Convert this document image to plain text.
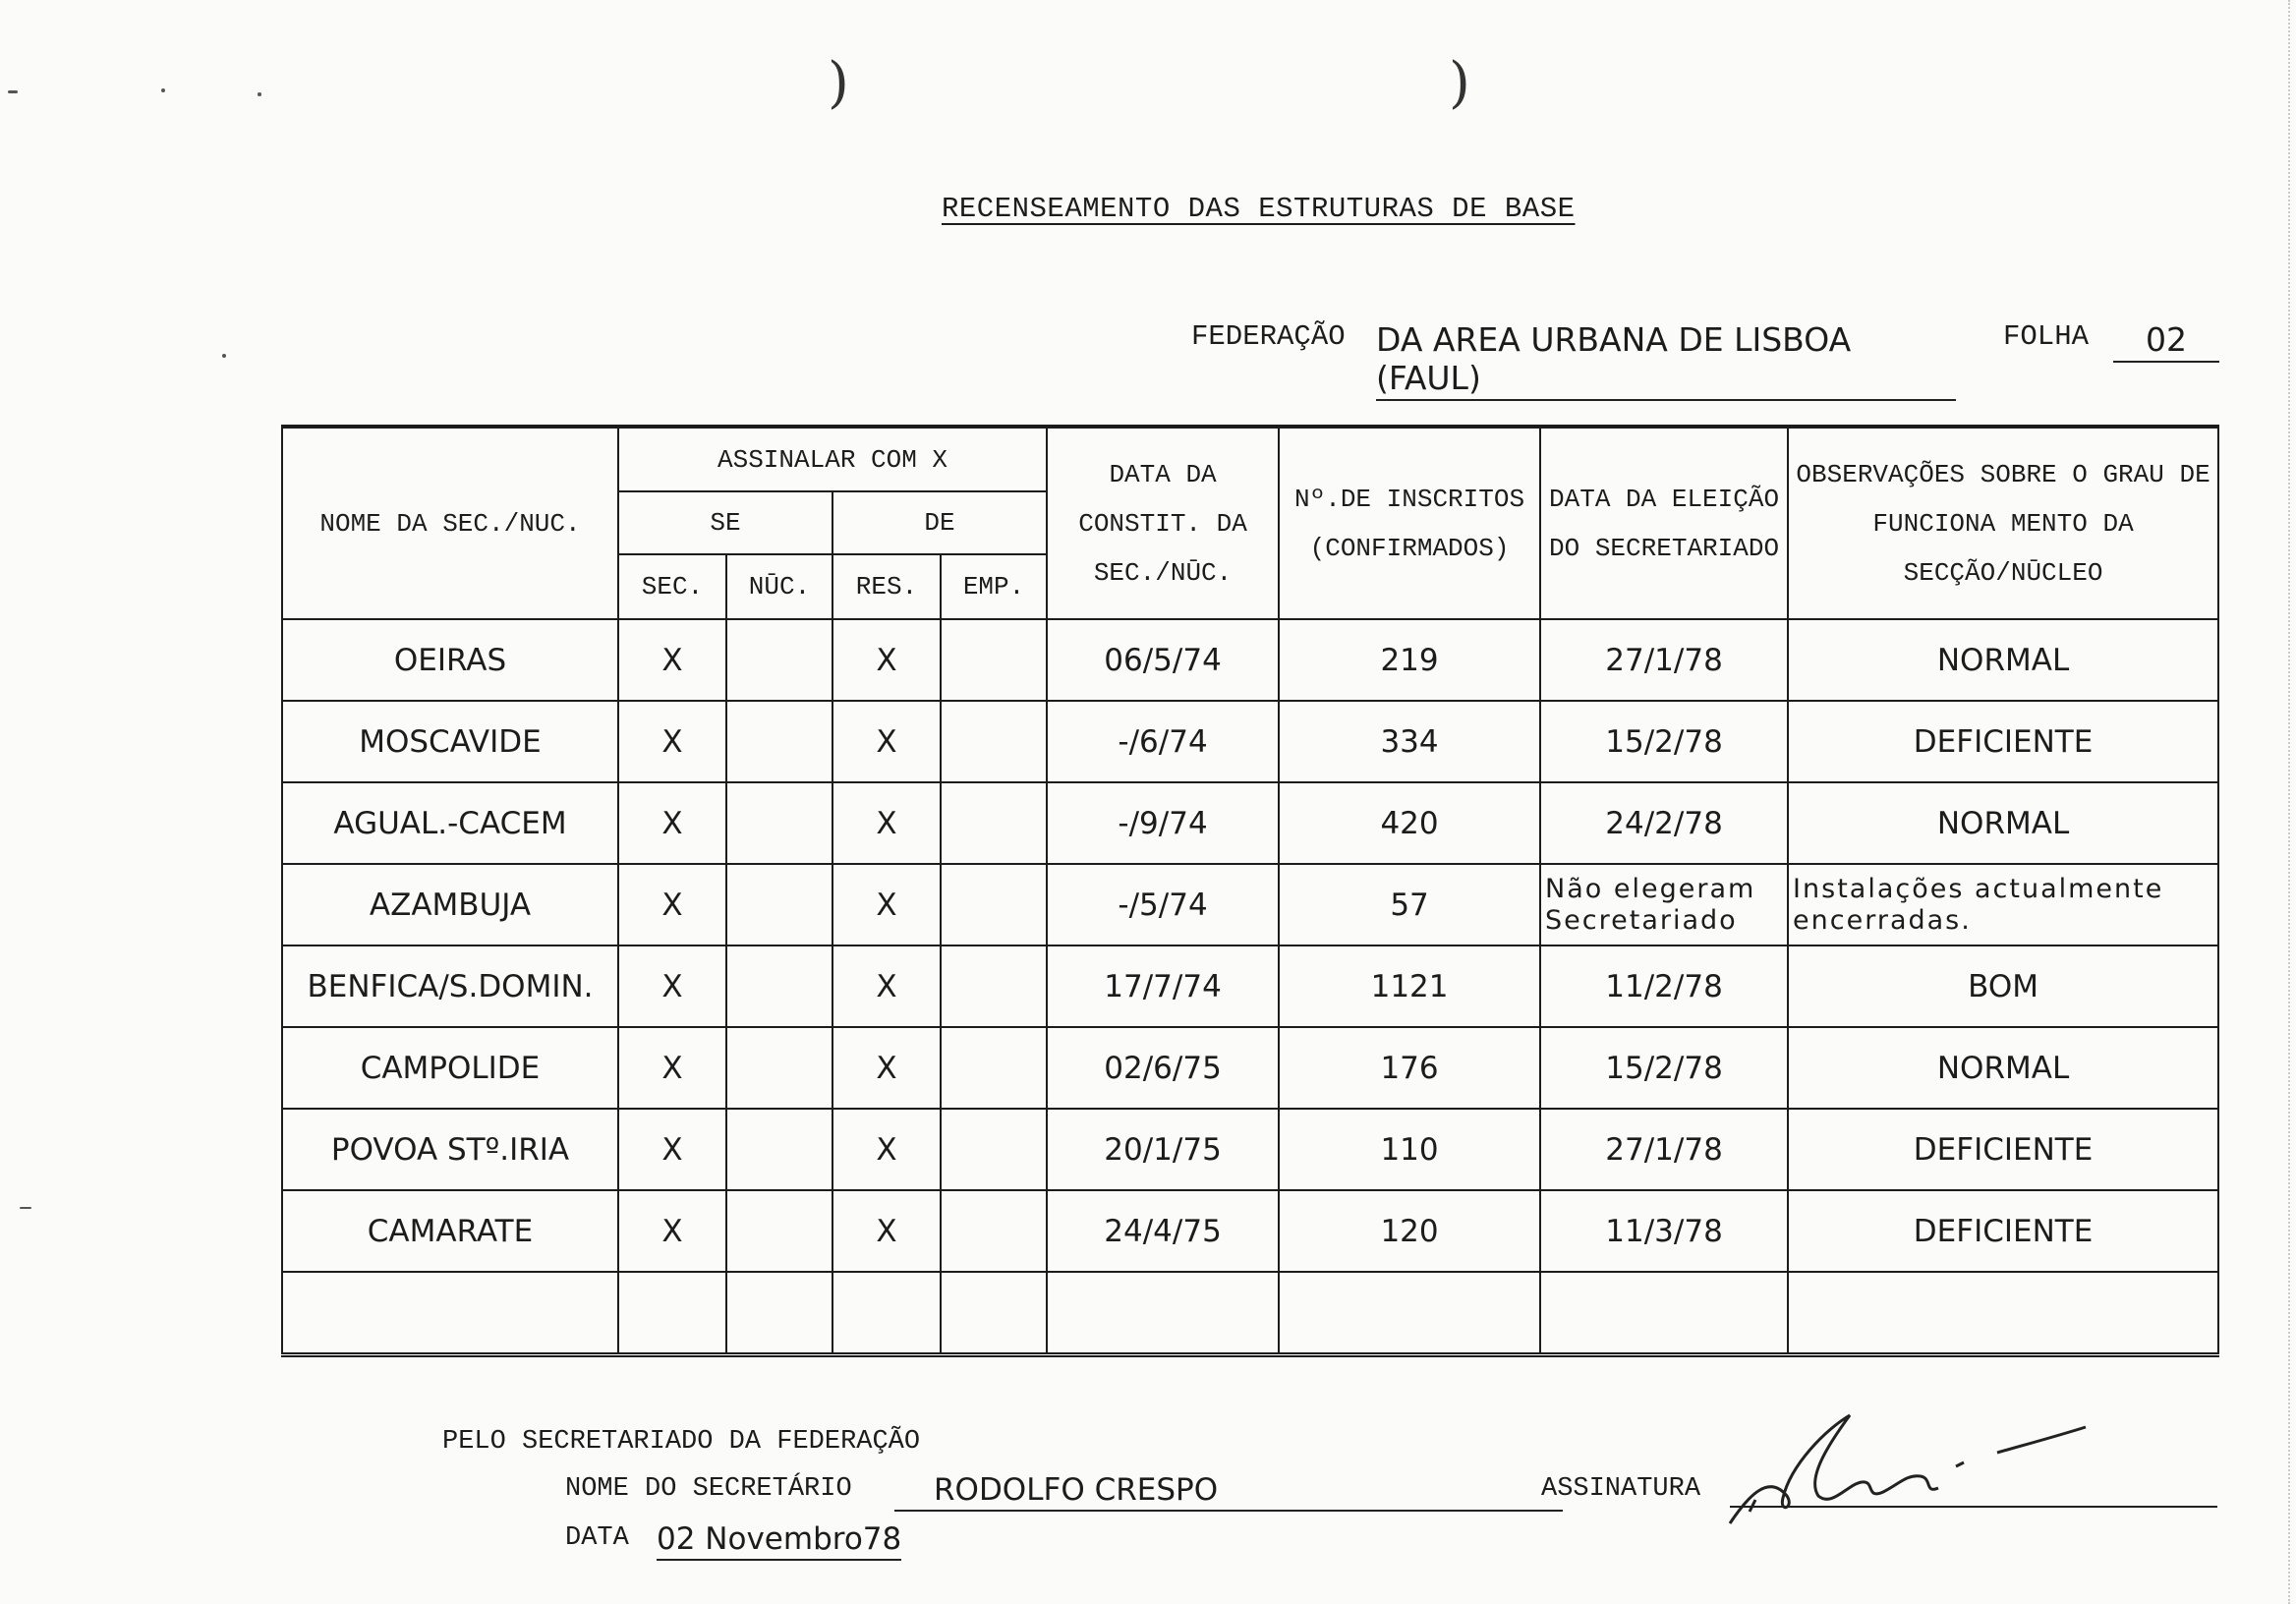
)	)
RECENSEAMENTO DAS ESTRUTURAS DE BASE
FEDERAÇÃO DA AREA URBANA DE LISBOA (FAUL)
FOLHA	02
NOME DA SEC./NUC.	ASSINALAR COM X				DATA DA CONSTIT. DA SEC./NŪC.	Nº.DE INSCRITOS (CONFIRMADOS)	DATA DA ELEIÇÃO DO SECRETARIADO	OBSERVAÇÕES SOBRE O GRAU DE FUNCIONA MENTO DA SECÇÃO/NŪCLEO
	SE		DE					
	SEC.	NŪC.	RES.	EMP.				
OEIRAS	X		X		06/5/74	219	27/1/78	NORMAL
MOSCAVIDE	X		X		-/6/74	334	15/2/78	DEFICIENTE
AGUAL.-CACEM	X		X		-/9/74	420	24/2/78	NORMAL
AZAMBUJA	X		X		-/5/74	57	Não elegeram Secretariado	Instalações actualmente encerradas.
BENFICA/S.DOMIN.	X		X		17/7/74	1121	11/2/78	BOM
CAMPOLIDE	X		X		02/6/75	176	15/2/78	NORMAL
POVOA STº.IRIA	X		X		20/1/75	110	27/1/78	DEFICIENTE
CAMARATE	X		X		24/4/75	120	11/3/78	DEFICIENTE

PELO SECRETARIADO DA FEDERAÇÃO
NOME DO SECRETÁRIO	RODOLFO CRESPO	ASSINATURA
DATA 02 Novembro78
